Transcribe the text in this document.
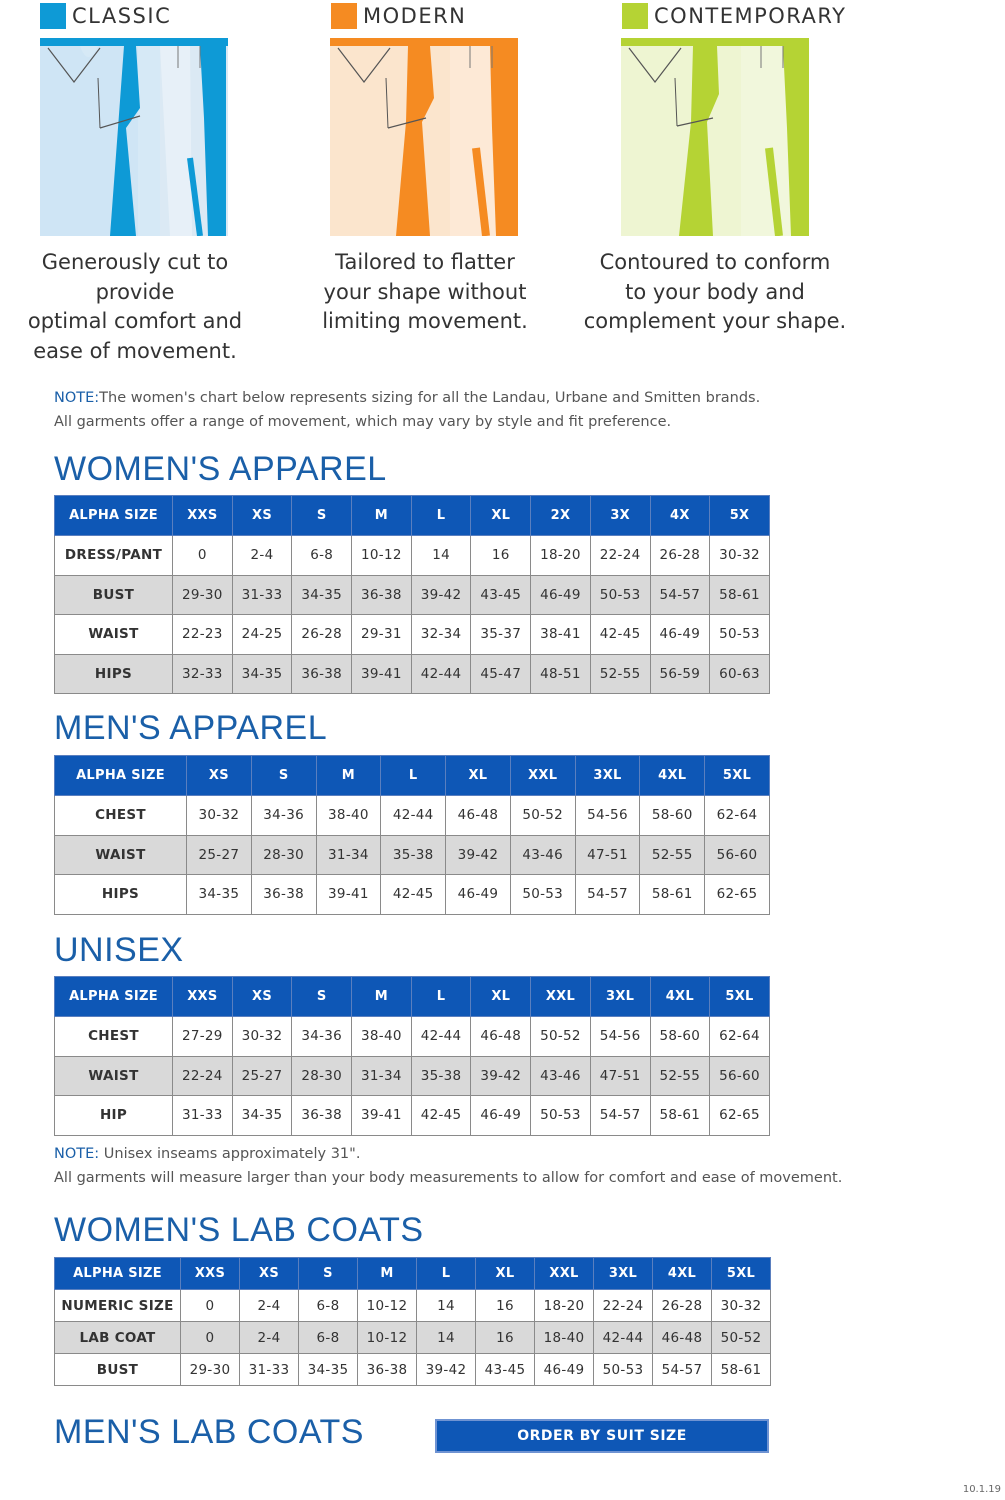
CLASSIC
Generously cut to provide
optimal comfort and
ease of movement.
MODERN
Tailored to flatter
your shape without
limiting movement.
CONTEMPORARY
Contoured to conform
to your body and
complement your shape.
NOTE:The women's chart below represents sizing for all the Landau, Urbane and Smitten brands.
All garments offer a range of movement, which may vary by style and fit preference.
WOMEN'S APPAREL
ALPHA SIZE	XXS	XS	S	M	L	XL	2X	3X	4X	5X
DRESS/PANT	0	2-4	6-8	10-12	14	16	18-20	22-24	26-28	30-32
BUST	29-30	31-33	34-35	36-38	39-42	43-45	46-49	50-53	54-57	58-61
WAIST	22-23	24-25	26-28	29-31	32-34	35-37	38-41	42-45	46-49	50-53
HIPS	32-33	34-35	36-38	39-41	42-44	45-47	48-51	52-55	56-59	60-63
MEN'S APPAREL
ALPHA SIZE	XS	S	M	L	XL	XXL	3XL	4XL	5XL
CHEST	30-32	34-36	38-40	42-44	46-48	50-52	54-56	58-60	62-64
WAIST	25-27	28-30	31-34	35-38	39-42	43-46	47-51	52-55	56-60
HIPS	34-35	36-38	39-41	42-45	46-49	50-53	54-57	58-61	62-65
UNISEX
ALPHA SIZE	XXS	XS	S	M	L	XL	XXL	3XL	4XL	5XL
CHEST	27-29	30-32	34-36	38-40	42-44	46-48	50-52	54-56	58-60	62-64
WAIST	22-24	25-27	28-30	31-34	35-38	39-42	43-46	47-51	52-55	56-60
HIP	31-33	34-35	36-38	39-41	42-45	46-49	50-53	54-57	58-61	62-65
NOTE: Unisex inseams approximately 31".
All garments will measure larger than your body measurements to allow for comfort and ease of movement.
WOMEN'S LAB COATS
ALPHA SIZE	XXS	XS	S	M	L	XL	XXL	3XL	4XL	5XL
NUMERIC SIZE	0	2-4	6-8	10-12	14	16	18-20	22-24	26-28	30-32
LAB COAT	0	2-4	6-8	10-12	14	16	18-40	42-44	46-48	50-52
BUST	29-30	31-33	34-35	36-38	39-42	43-45	46-49	50-53	54-57	58-61
MEN'S LAB COATS	ORDER BY SUIT SIZE
10.1.19
